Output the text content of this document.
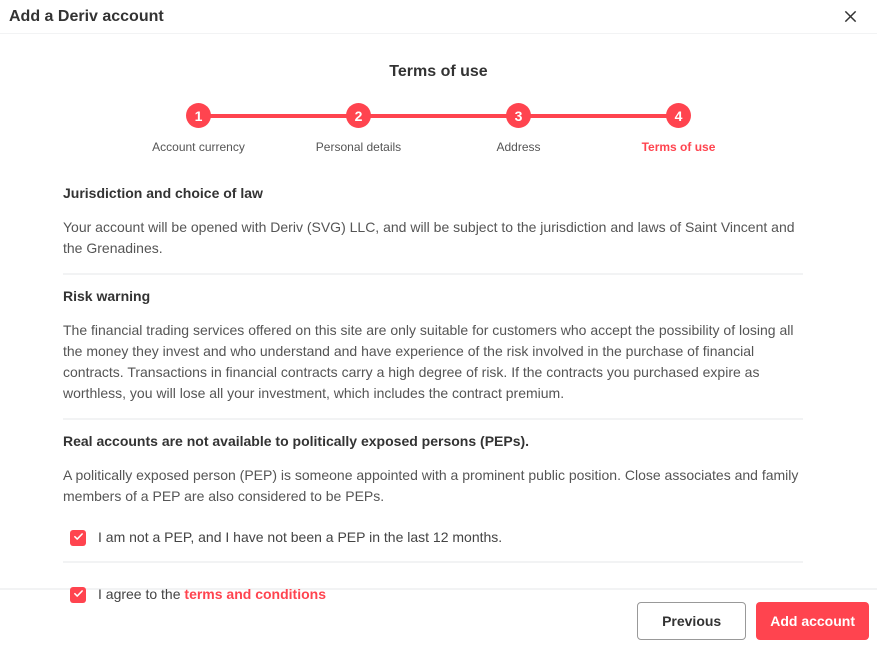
Add a Deriv account
Terms of use
1
Account currency
2
Personal details
3
Address
4
Terms of use
Jurisdiction and choice of law
Your account will be opened with Deriv (SVG) LLC, and will be subject to the jurisdiction and laws of Saint Vincent and the Grenadines.
Risk warning
The financial trading services offered on this site are only suitable for customers who accept the possibility of losing all the money they invest and who understand and have experience of the risk involved in the purchase of financial contracts. Transactions in financial contracts carry a high degree of risk. If the contracts you purchased expire as worthless, you will lose all your investment, which includes the contract premium.
Real accounts are not available to politically exposed persons (PEPs).
A politically exposed person (PEP) is someone appointed with a prominent public position. Close associates and family members of a PEP are also considered to be PEPs.
I am not a PEP, and I have not been a PEP in the last 12 months.
I agree to the terms and conditions
Previous	Add account
